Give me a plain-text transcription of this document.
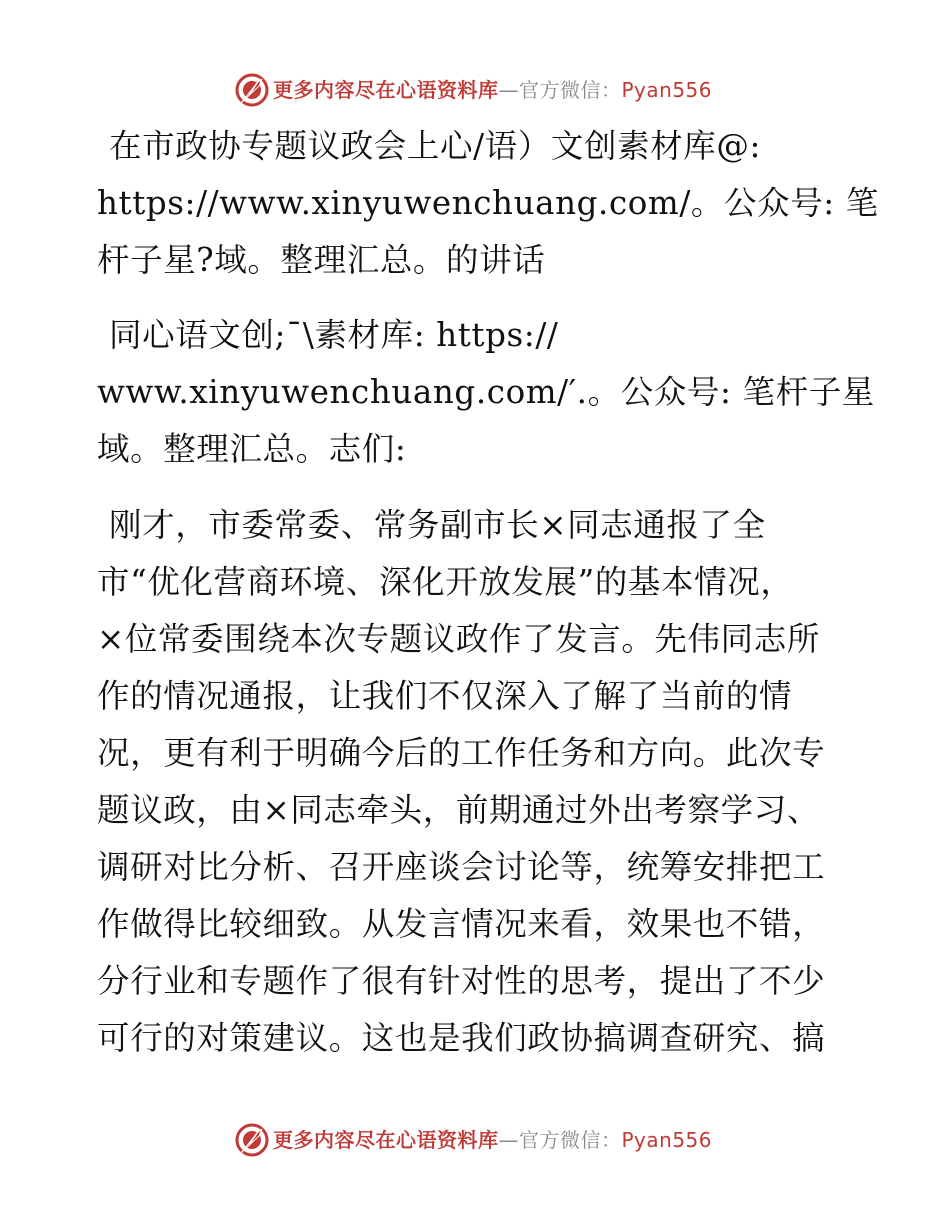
更多内容尽在心语资料库 —官方微信： Pyan556
在市政协专题议政会上心/语）文创素材库@:
https://www.xinyuwenchuang.com/。公众号: 笔
杆子星?域。整理汇总。的讲话
同心语文创;¯\素材库: https://
www.xinyuwenchuang.com/′.。公众号: 笔杆子星
域。整理汇总。志们:
刚才，市委常委、常务副市长×同志通报了全
市“优化营商环境、深化开放发展”的基本情况，
×位常委围绕本次专题议政作了发言。先伟同志所
作的情况通报，让我们不仅深入了解了当前的情
况，更有利于明确今后的工作任务和方向。此次专
题议政，由×同志牵头，前期通过外出考察学习、
调研对比分析、召开座谈会讨论等，统筹安排把工
作做得比较细致。从发言情况来看，效果也不错，
分行业和专题作了很有针对性的思考，提出了不少
可行的对策建议。这也是我们政协搞调查研究、搞
更多内容尽在心语资料库 —官方微信： Pyan556
